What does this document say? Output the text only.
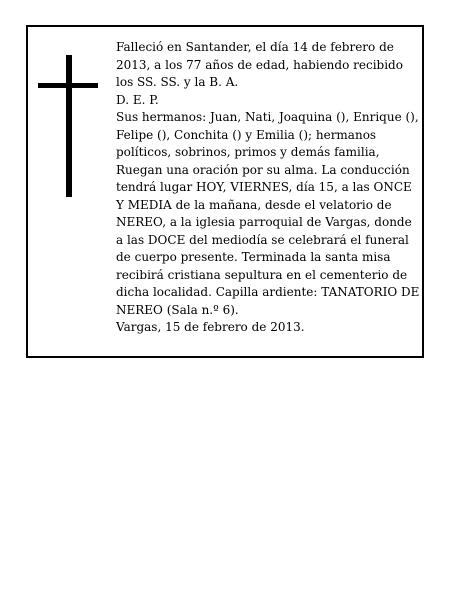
Falleció en Santander, el día 14 de febrero de 2013, a los 77 años de edad, habiendo recibido los SS. SS. y la B. A.

D. E. P.

Sus hermanos: Juan, Nati, Joaquina (), Enrique (), Felipe (), Conchita () y Emilia (); hermanos políticos, sobrinos, primos y demás familia,

Ruegan una oración por su alma. La conducción tendrá lugar HOY, VIERNES, día 15, a las ONCE Y MEDIA de la mañana, desde el velatorio de NEREO, a la iglesia parroquial de Vargas, donde a las DOCE del mediodía se celebrará el funeral de cuerpo presente. Terminada la santa misa recibirá cristiana sepultura en el cementerio de dicha localidad. Capilla ardiente: TANATORIO DE NEREO (Sala n.º 6).

Vargas, 15 de febrero de 2013.
